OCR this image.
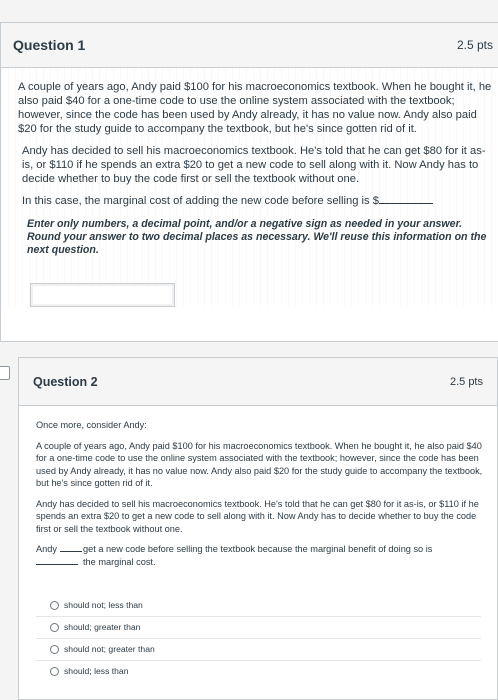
Question 1	2.5 pts

A couple of years ago, Andy paid $100 for his macroeconomics textbook. When he bought it, he also paid $40 for a one-time code to use the online system associated with the textbook; however, since the code has been used by Andy already, it has no value now. Andy also paid $20 for the study guide to accompany the textbook, but he's since gotten rid of it.

Andy has decided to sell his macroeconomics textbook. He's told that he can get $80 for it as-is, or $110 if he spends an extra $20 to get a new code to sell along with it. Now Andy has to decide whether to buy the code first or sell the textbook without one.

In this case, the marginal cost of adding the new code before selling is $

Enter only numbers, a decimal point, and/or a negative sign as needed in your answer. Round your answer to two decimal places as necessary. We'll reuse this information on the next question.

Question 2	2.5 pts

Once more, consider Andy:

A couple of years ago, Andy paid $100 for his macroeconomics textbook. When he bought it, he also paid $40 for a one-time code to use the online system associated with the textbook; however, since the code has been used by Andy already, it has no value now. Andy also paid $20 for the study guide to accompany the textbook, but he's since gotten rid of it.

Andy has decided to sell his macroeconomics textbook. He's told that he can get $80 for it as-is, or $110 if he spends an extra $20 to get a new code to sell along with it. Now Andy has to decide whether to buy the code first or sell the textbook without one.

Andy	get a new code before selling the textbook because the marginal benefit of doing so is
the marginal cost.
should not; less than
should; greater than
should not; greater than
should; less than
